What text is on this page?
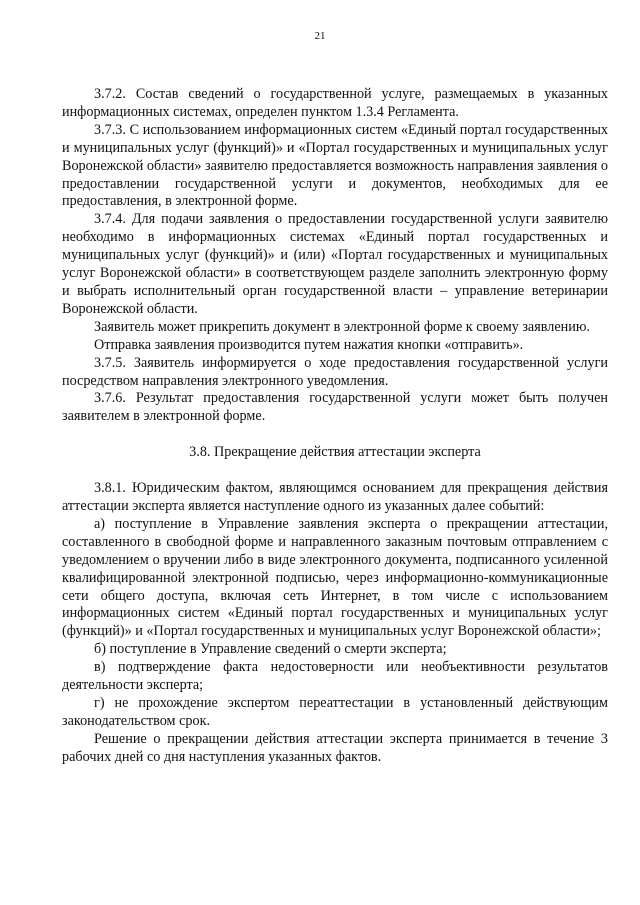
21

3.7.2. Состав сведений о государственной услуге, размещаемых в указанных информационных системах, определен пунктом 1.3.4 Регламента.

3.7.3. С использованием информационных систем «Единый портал государственных и муниципальных услуг (функций)» и «Портал государственных и муниципальных услуг Воронежской области» заявителю предоставляется возможность направления заявления о предоставлении государственной услуги и документов, необходимых для ее предоставления, в электронной форме.

3.7.4. Для подачи заявления о предоставлении государственной услуги заявителю необходимо в информационных системах «Единый портал государственных и муниципальных услуг (функций)» и (или) «Портал государственных и муниципальных услуг Воронежской области» в соответствующем разделе заполнить электронную форму и выбрать исполнительный орган государственной власти – управление ветеринарии Воронежской области.

Заявитель может прикрепить документ в электронной форме к своему заявлению.

Отправка заявления производится путем нажатия кнопки «отправить».

3.7.5. Заявитель информируется о ходе предоставления государственной услуги посредством направления электронного уведомления.

3.7.6. Результат предоставления государственной услуги может быть получен заявителем в электронной форме.

3.8. Прекращение действия аттестации эксперта

3.8.1. Юридическим фактом, являющимся основанием для прекращения действия аттестации эксперта является наступление одного из указанных далее событий:

а) поступление в Управление заявления эксперта о прекращении аттестации, составленного в свободной форме и направленного заказным почтовым отправлением с уведомлением о вручении либо в виде электронного документа, подписанного усиленной квалифицированной электронной подписью, через информационно-коммуникационные сети общего доступа, включая сеть Интернет, в том числе с использованием информационных систем «Единый портал государственных и муниципальных услуг (функций)» и «Портал государственных и муниципальных услуг Воронежской области»;

б) поступление в Управление сведений о смерти эксперта;

в) подтверждение факта недостоверности или необъективности результатов деятельности эксперта;

г) не прохождение экспертом переаттестации в установленный действующим законодательством срок.

Решение о прекращении действия аттестации эксперта принимается в течение 3 рабочих дней со дня наступления указанных фактов.
